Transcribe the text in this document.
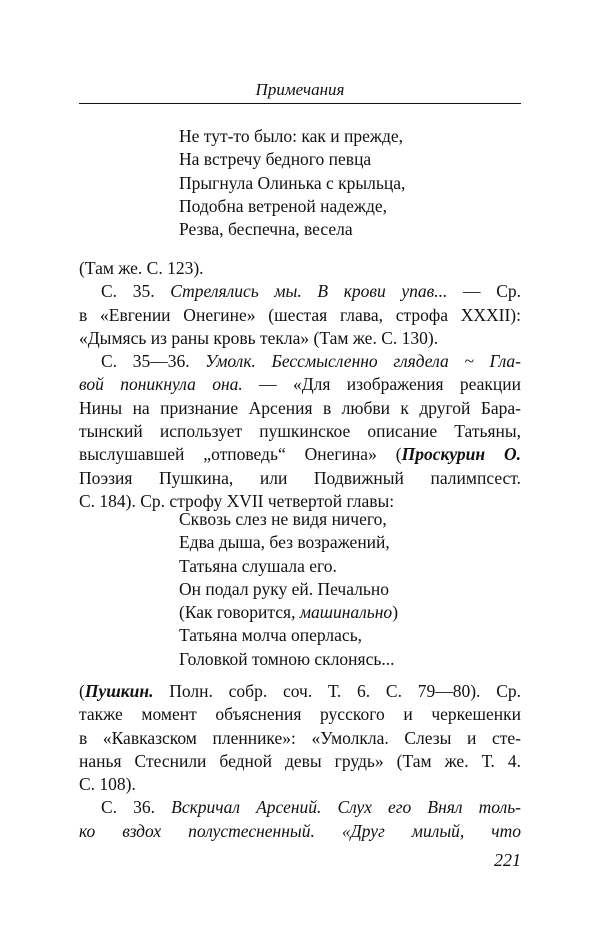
Примечания
Не тут-то было: как и прежде,
На встречу бедного певца
Прыгнула Олинька с крыльца,
Подобна ветреной надежде,
Резва, беспечна, весела
(Там же. С. 123).
С. 35. Стрелялись мы. В крови упав... — Ср.
в «Евгении Онегине» (шестая глава, строфа XXXII):
«Дымясь из раны кровь текла» (Там же. С. 130).
С. 35—36. Умолк. Бессмысленно глядела ~ Гла-
вой поникнула она. — «Для изображения реакции
Нины на признание Арсения в любви к другой Бара-
тынский использует пушкинское описание Татьяны,
выслушавшей „отповедь“ Онегина» (Проскурин О.
Поэзия Пушкина, или Подвижный палимпсест.
С. 184). Ср. строфу XVII четвертой главы:
Сквозь слез не видя ничего,
Едва дыша, без возражений,
Татьяна слушала его.
Он подал руку ей. Печально
(Как говорится, машинально)
Татьяна молча оперлась,
Головкой томною склонясь...
(Пушкин. Полн. собр. соч. Т. 6. С. 79—80). Ср.
также момент объяснения русского и черкешенки
в «Кавказском пленнике»: «Умолкла. Слезы и сте-
нанья Стеснили бедной девы грудь» (Там же. Т. 4.
С. 108).
С. 36. Вскричал Арсений. Слух его Внял толь-
ко вздох полустесненный. «Друг милый, что
221
